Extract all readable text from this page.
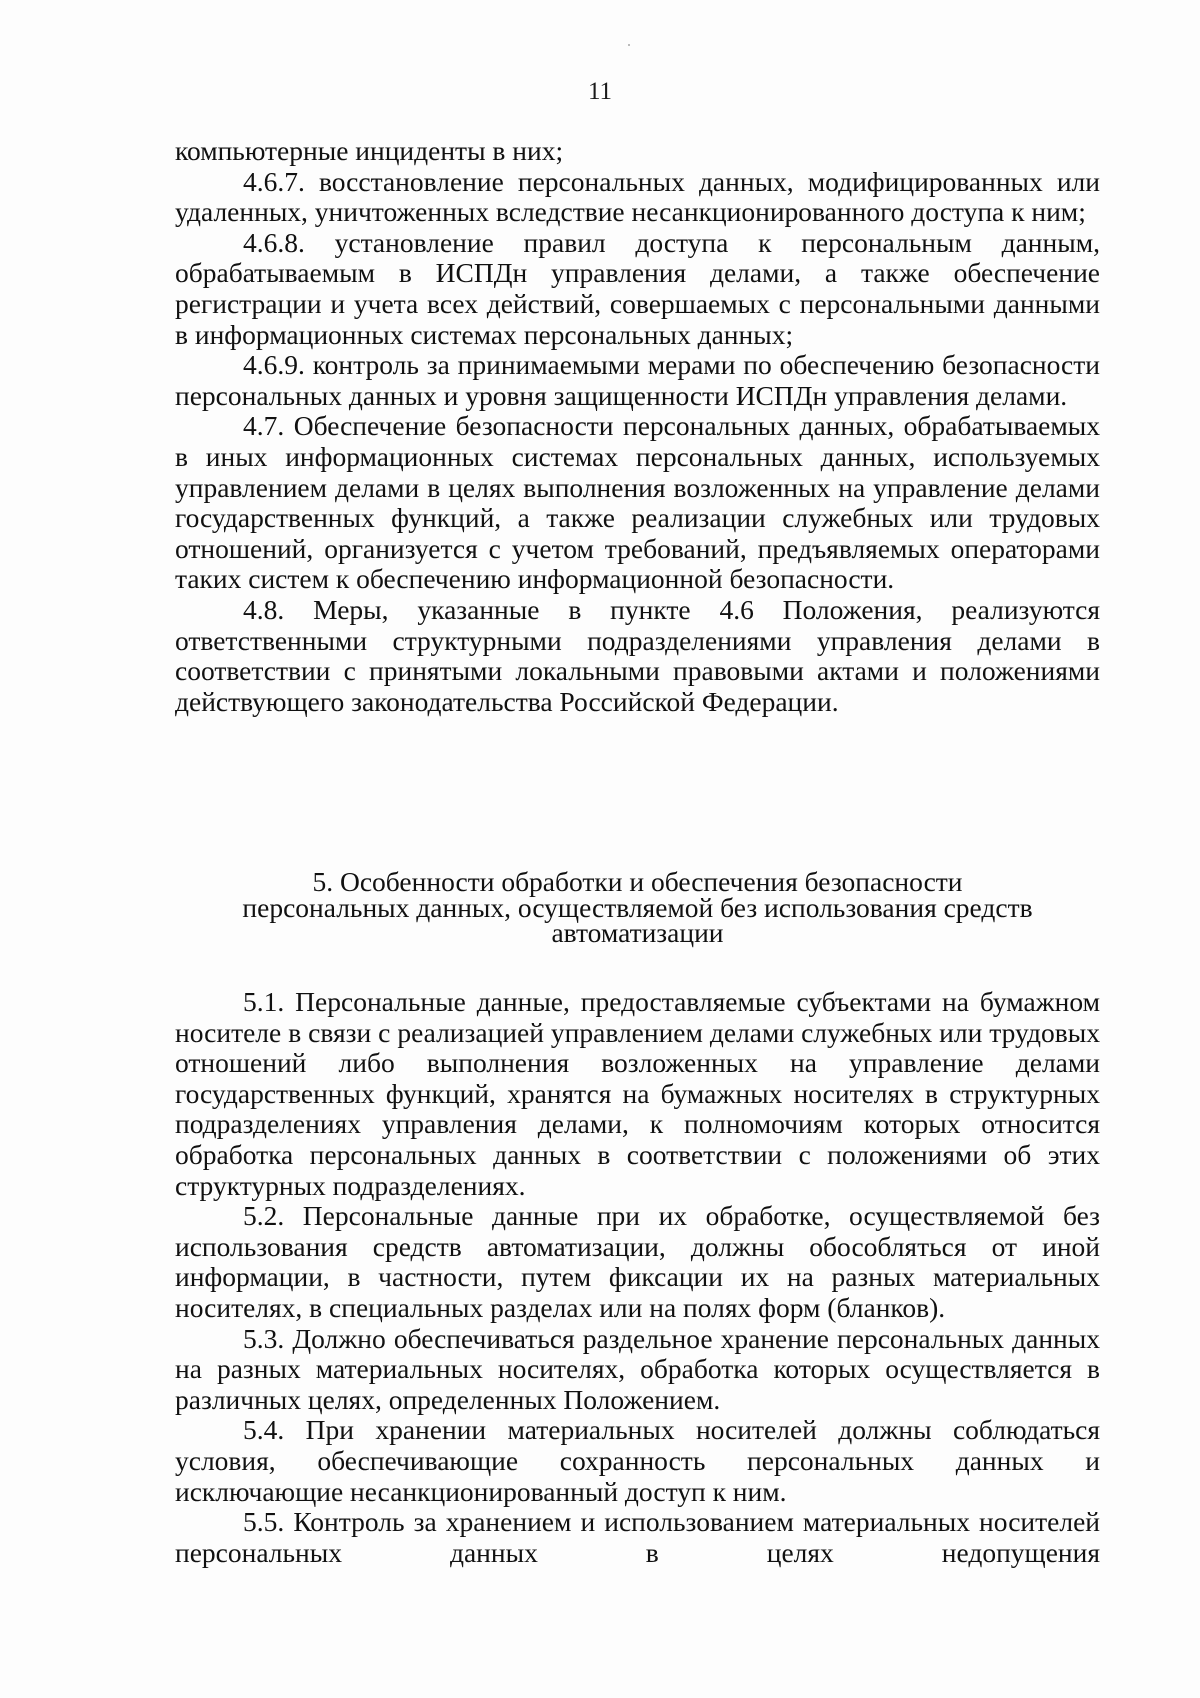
11

компьютерные инциденты в них;

4.6.7. восстановление персональных данных, модифицированных или удаленных, уничтоженных вследствие несанкционированного доступа к ним;

4.6.8. установление правил доступа к персональным данным, обрабатываемым в ИСПДн управления делами, а также обеспечение регистрации и учета всех действий, совершаемых с персональными данными в информационных системах персональных данных;

4.6.9. контроль за принимаемыми мерами по обеспечению безопасности персональных данных и уровня защищенности ИСПДн управления делами.

4.7. Обеспечение безопасности персональных данных, обрабатываемых в иных информационных системах персональных данных, используемых управлением делами в целях выполнения возложенных на управление делами государственных функций, а также реализации служебных или трудовых отношений, организуется с учетом требований, предъявляемых операторами таких систем к обеспечению информационной безопасности.

4.8. Меры, указанные в пункте 4.6 Положения, реализуются ответственными структурными подразделениями управления делами в соответствии с принятыми локальными правовыми актами и положениями действующего законодательства Российской Федерации.

5. Особенности обработки и обеспечения безопасности
персональных данных, осуществляемой без использования средств
автоматизации

5.1. Персональные данные, предоставляемые субъектами на бумажном носителе в связи с реализацией управлением делами служебных или трудовых отношений либо выполнения возложенных на управление делами государственных функций, хранятся на бумажных носителях в структурных подразделениях управления делами, к полномочиям которых относится обработка персональных данных в соответствии с положениями об этих структурных подразделениях.

5.2. Персональные данные при их обработке, осуществляемой без использования средств автоматизации, должны обособляться от иной информации, в частности, путем фиксации их на разных материальных носителях, в специальных разделах или на полях форм (бланков).

5.3. Должно обеспечиваться раздельное хранение персональных данных на разных материальных носителях, обработка которых осуществляется в различных целях, определенных Положением.

5.4. При хранении материальных носителей должны соблюдаться условия, обеспечивающие сохранность персональных данных и исключающие несанкционированный доступ к ним.

5.5. Контроль за хранением и использованием материальных носителей персональных данных в целях недопущения
